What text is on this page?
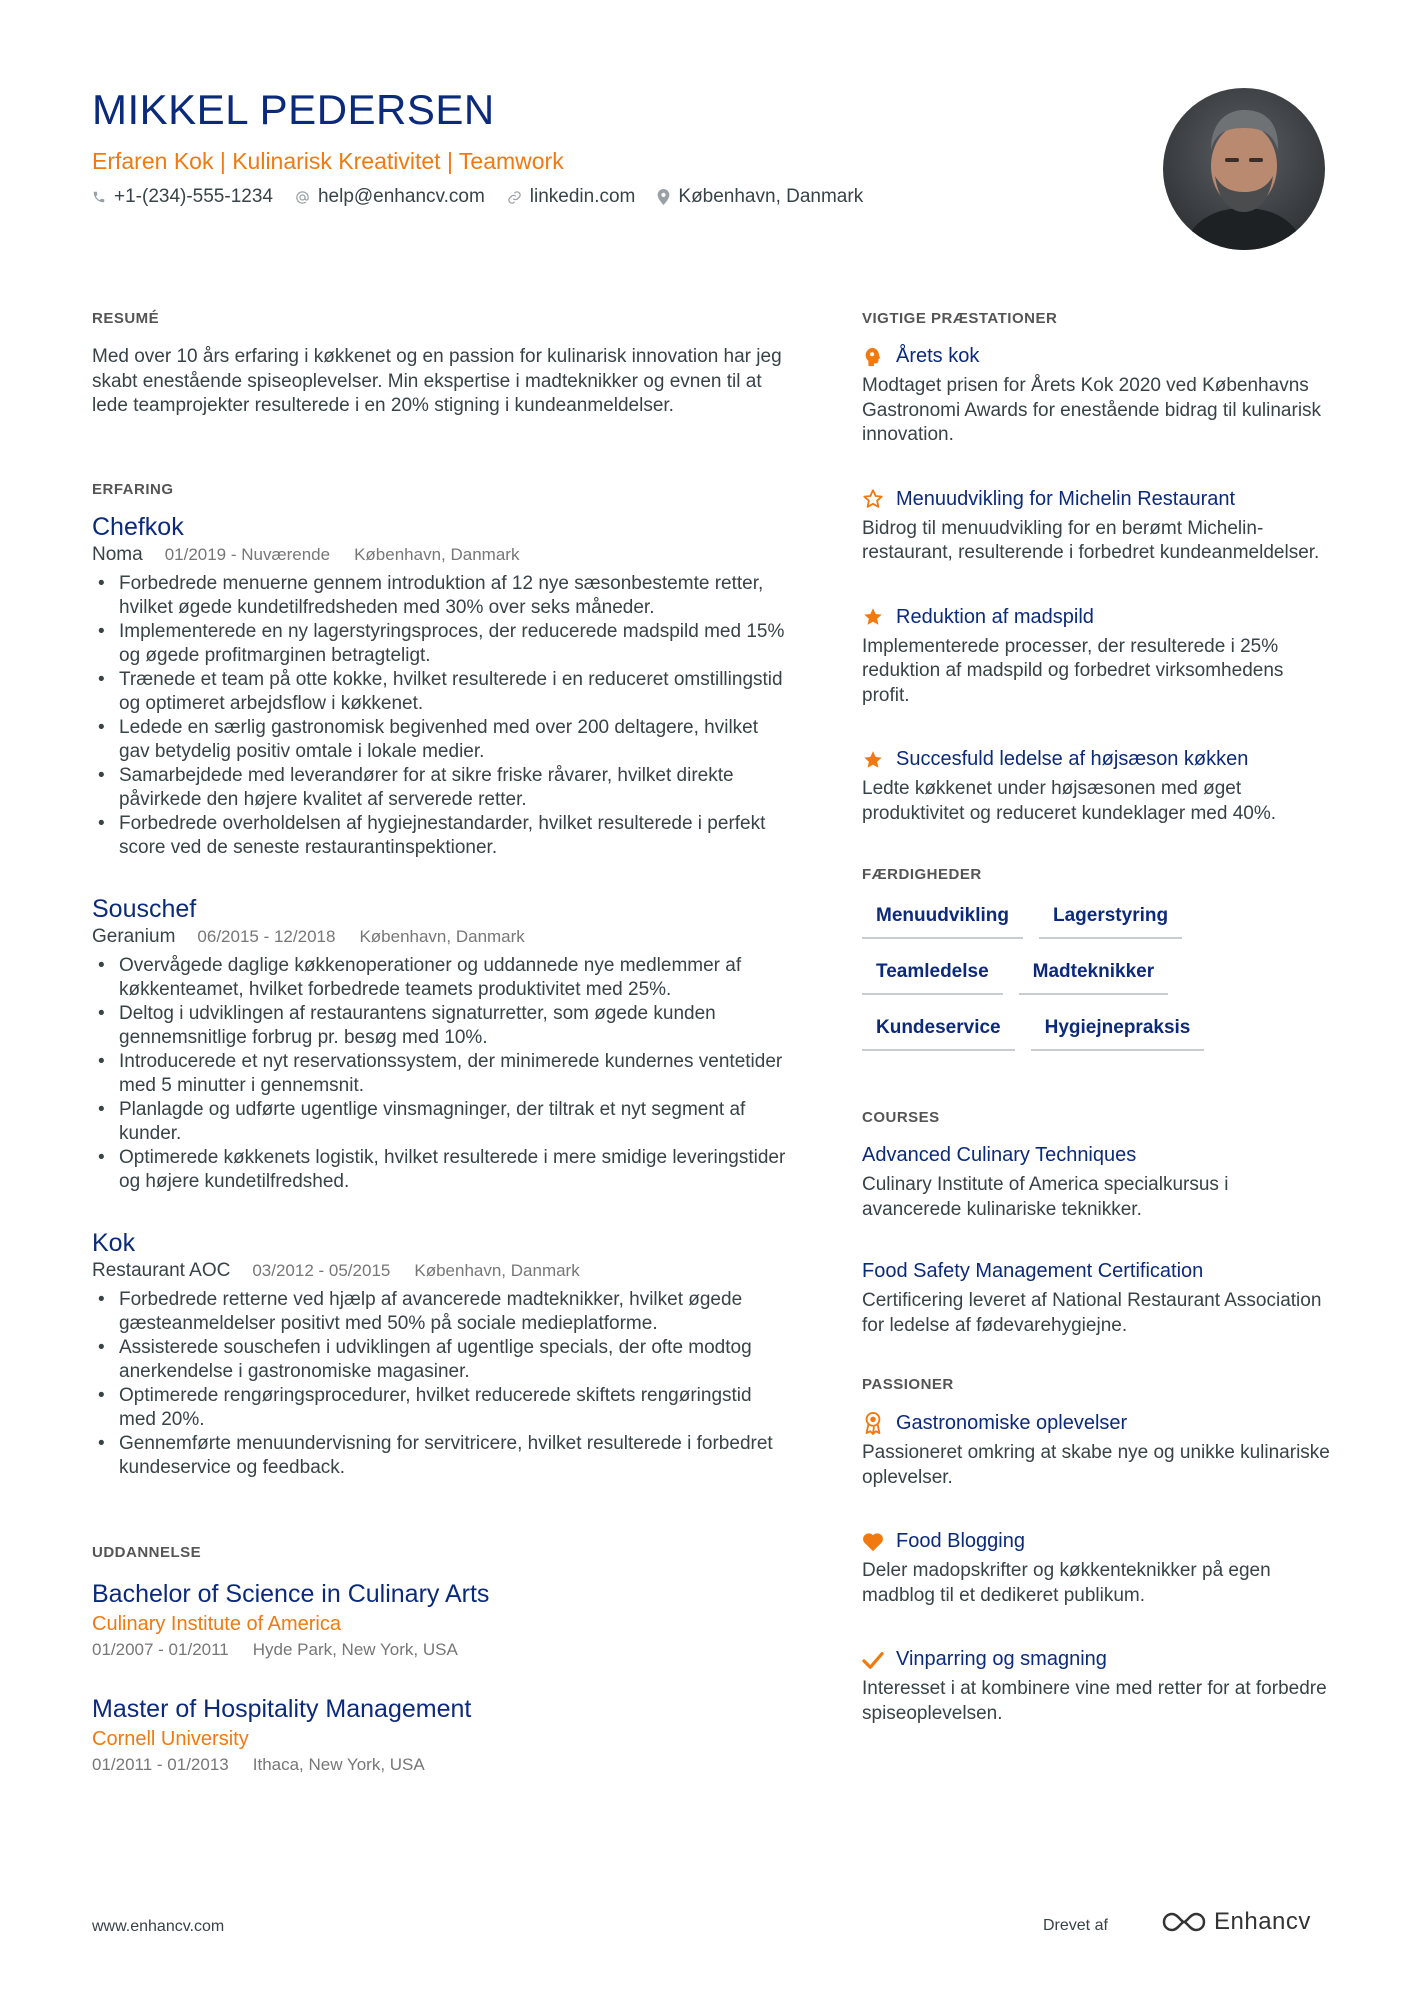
MIKKEL PEDERSEN
Erfaren Kok | Kulinarisk Kreativitet | Teamwork
+1-(234)-555-1234 help@enhancv.com linkedin.com København, Danmark
RESUMÉ
Med over 10 års erfaring i køkkenet og en passion for kulinarisk innovation har jeg skabt enestående spiseoplevelser. Min ekspertise i madteknikker og evnen til at lede teamprojekter resulterede i en 20% stigning i kundeanmeldelser.
ERFARING
Chefkok
Noma 01/2019 - Nuværende København, Danmark
• Forbedrede menuerne gennem introduktion af 12 nye sæsonbestemte retter, hvilket øgede kundetilfredsheden med 30% over seks måneder.
• Implementerede en ny lagerstyringsproces, der reducerede madspild med 15% og øgede profitmarginen betragteligt.
• Trænede et team på otte kokke, hvilket resulterede i en reduceret omstillingstid og optimeret arbejdsflow i køkkenet.
• Ledede en særlig gastronomisk begivenhed med over 200 deltagere, hvilket gav betydelig positiv omtale i lokale medier.
• Samarbejdede med leverandører for at sikre friske råvarer, hvilket direkte påvirkede den højere kvalitet af serverede retter.
• Forbedrede overholdelsen af hygiejnestandarder, hvilket resulterede i perfekt score ved de seneste restaurantinspektioner.
Souschef
Geranium 06/2015 - 12/2018 København, Danmark
• Overvågede daglige køkkenoperationer og uddannede nye medlemmer af køkkenteamet, hvilket forbedrede teamets produktivitet med 25%.
• Deltog i udviklingen af restaurantens signaturretter, som øgede kunden gennemsnitlige forbrug pr. besøg med 10%.
• Introducerede et nyt reservationssystem, der minimerede kundernes ventetider med 5 minutter i gennemsnit.
• Planlagde og udførte ugentlige vinsmagninger, der tiltrak et nyt segment af kunder.
• Optimerede køkkenets logistik, hvilket resulterede i mere smidige leveringstider og højere kundetilfredshed.
Kok
Restaurant AOC 03/2012 - 05/2015 København, Danmark
• Forbedrede retterne ved hjælp af avancerede madteknikker, hvilket øgede gæsteanmeldelser positivt med 50% på sociale medieplatforme.
• Assisterede souschefen i udviklingen af ugentlige specials, der ofte modtog anerkendelse i gastronomiske magasiner.
• Optimerede rengøringsprocedurer, hvilket reducerede skiftets rengøringstid med 20%.
• Gennemførte menuundervisning for servitricere, hvilket resulterede i forbedret kundeservice og feedback.
UDDANNELSE
Bachelor of Science in Culinary Arts
Culinary Institute of America
01/2007 - 01/2011 Hyde Park, New York, USA
Master of Hospitality Management
Cornell University
01/2011 - 01/2013 Ithaca, New York, USA
VIGTIGE PRÆSTATIONER
Årets kok
Modtaget prisen for Årets Kok 2020 ved Københavns Gastronomi Awards for enestående bidrag til kulinarisk innovation.
Menuudvikling for Michelin Restaurant
Bidrog til menuudvikling for en berømt Michelin-restaurant, resulterende i forbedret kundeanmeldelser.
Reduktion af madspild
Implementerede processer, der resulterede i 25% reduktion af madspild og forbedret virksomhedens profit.
Succesfuld ledelse af højsæson køkken
Ledte køkkenet under højsæsonen med øget produktivitet og reduceret kundeklager med 40%.
FÆRDIGHEDER
Menuudvikling	Lagerstyring
Teamledelse	Madteknikker
Kundeservice	Hygiejnepraksis
COURSES
Advanced Culinary Techniques
Culinary Institute of America specialkursus i avancerede kulinariske teknikker.
Food Safety Management Certification
Certificering leveret af National Restaurant Association for ledelse af fødevarehygiejne.
PASSIONER
Gastronomiske oplevelser
Passioneret omkring at skabe nye og unikke kulinariske oplevelser.
Food Blogging
Deler madopskrifter og køkkenteknikker på egen madblog til et dedikeret publikum.
Vinparring og smagning
Interesset i at kombinere vine med retter for at forbedre spiseoplevelsen.
www.enhancv.com	Drevet af	Enhancv
